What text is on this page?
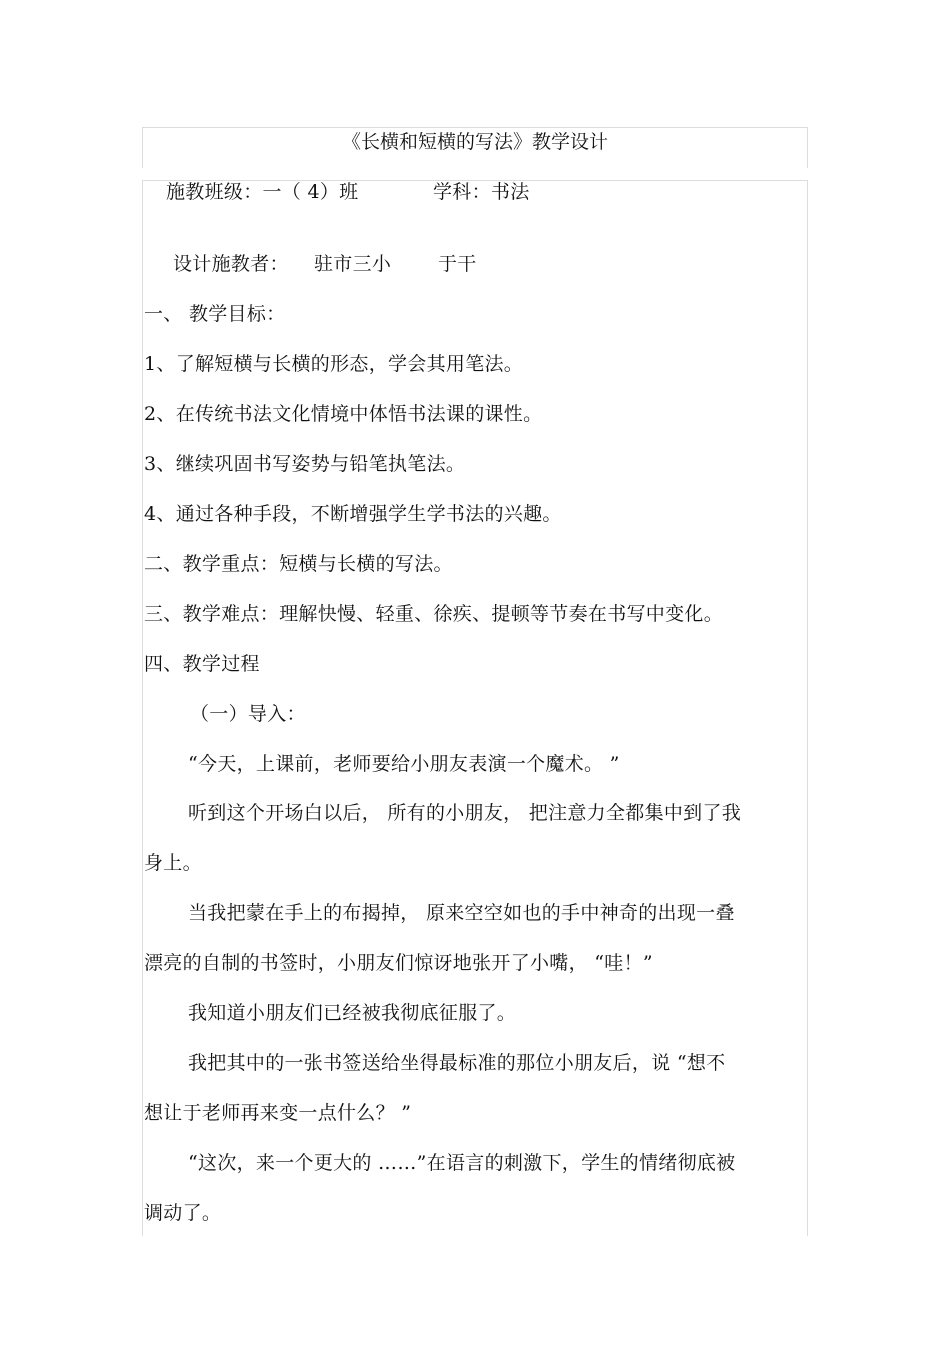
《长横和短横的写法》教学设计
施教班级：一（ 4）班	学科：书法
设计施教者： 驻市三小 于干
一、 教学目标：
1、了解短横与长横的形态，学会其用笔法。
2、在传统书法文化情境中体悟书法课的课性。
3、继续巩固书写姿势与铅笔执笔法。
4、通过各种手段，不断增强学生学书法的兴趣。
二、教学重点：短横与长横的写法。
三、教学难点：理解快慢、轻重、徐疾、提顿等节奏在书写中变化。
四、教学过程
（一）导入：
“今天，上课前，老师要给小朋友表演一个魔术。 ”
听到这个开场白以后， 所有的小朋友， 把注意力全都集中到了我
身上。
当我把蒙在手上的布揭掉， 原来空空如也的手中神奇的出现一叠
漂亮的自制的书签时，小朋友们惊讶地张开了小嘴， “哇！”
我知道小朋友们已经被我彻底征服了。
我把其中的一张书签送给坐得最标准的那位小朋友后，说 “想不
想让于老师再来变一点什么？ ”
“这次，来一个更大的 ……”在语言的刺激下，学生的情绪彻底被
调动了。
